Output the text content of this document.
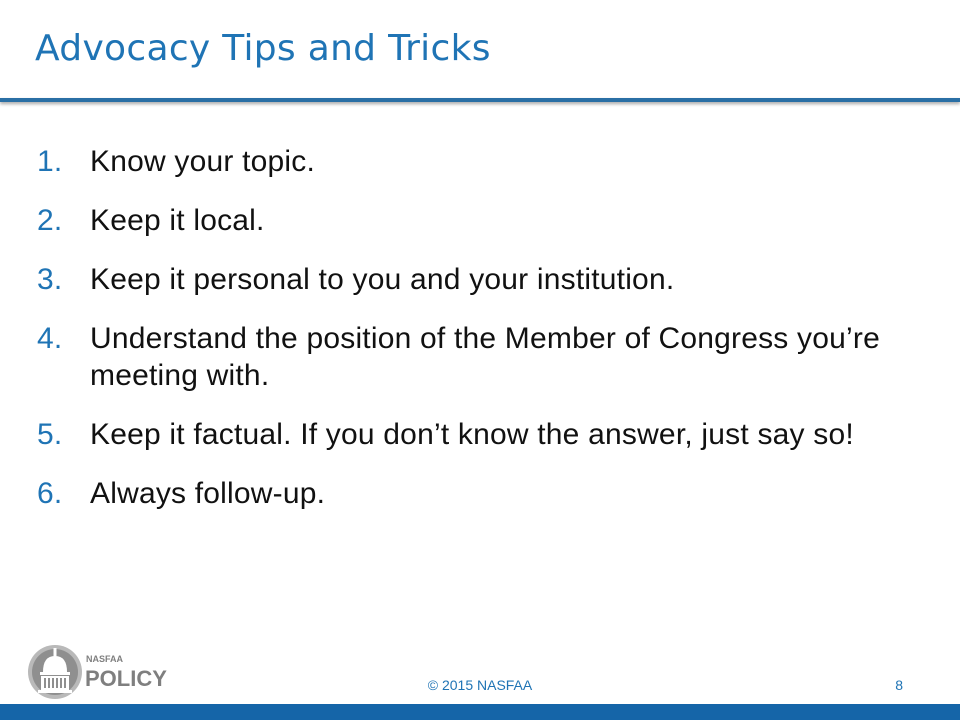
Advocacy Tips and Tricks
1. Know your topic.
2. Keep it local.
3. Keep it personal to you and your institution.
4. Understand the position of the Member of Congress you’re meeting with.
5. Keep it factual. If you don’t know the answer, just say so!
6. Always follow-up.
NASFAA
POLICY	© 2015 NASFAA	8
